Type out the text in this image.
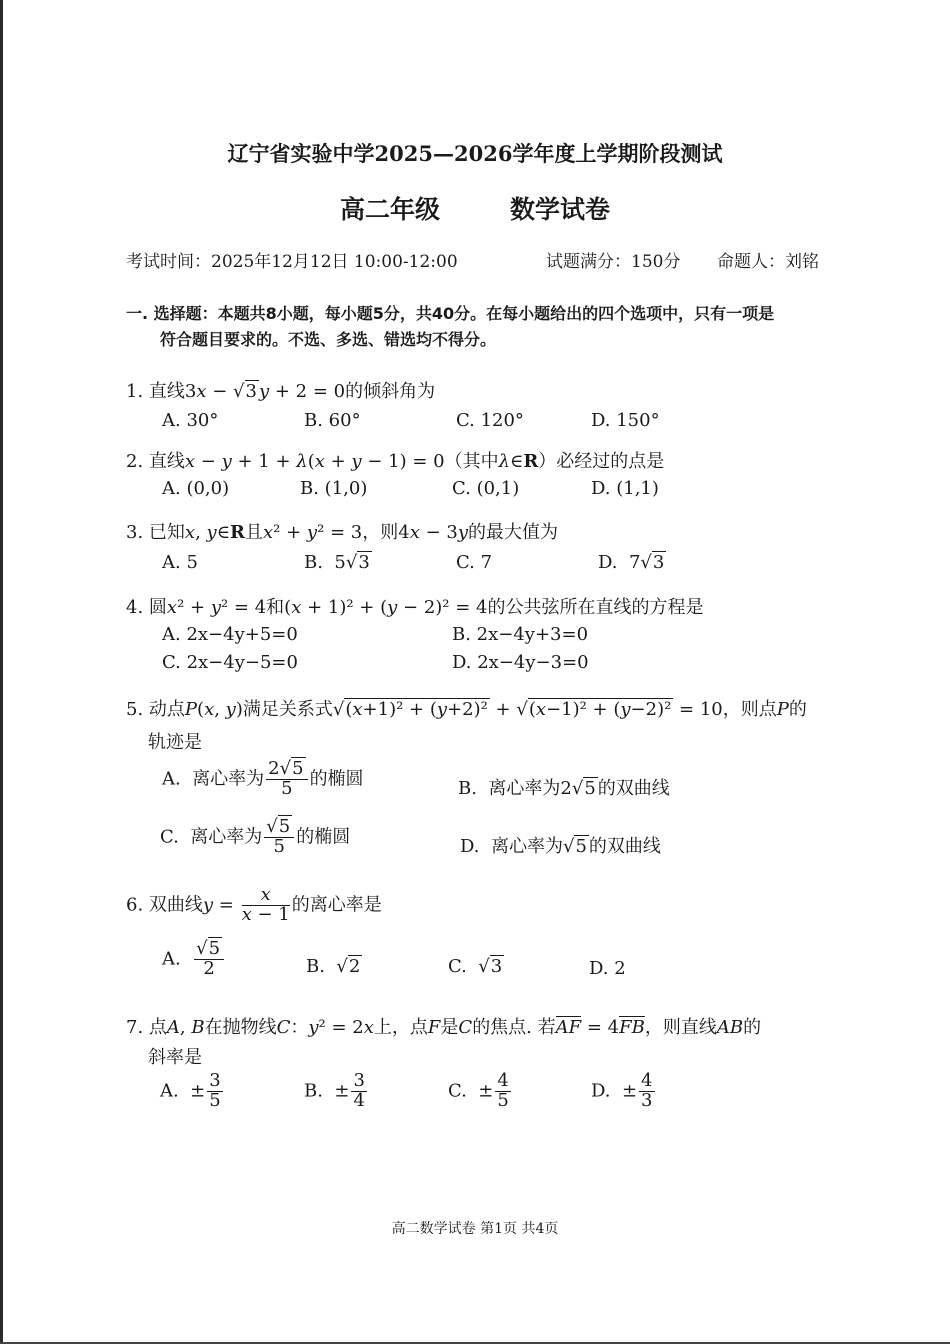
辽宁省实验中学2025—2026学年度上学期阶段测试
高二年级	数学试卷
考试时间：2025年12月12日 10:00-12:00	试题满分：150分 命题人：刘铭
一. 选择题：本题共8小题，每小题5分，共40分。在每小题给出的四个选项中，只有一项是
符合题目要求的。不选、多选、错选均不得分。
1. 直线3x − √3 y + 2 = 0的倾斜角为
A. 30°	B. 60°	C. 120°	D. 150°
2. 直线x − y + 1 + λ(x + y − 1) = 0（其中λ∈R）必经过的点是
A. (0,0)	B. (1,0)	C. (0,1)	D. (1,1)
3. 已知x, y∈R且x² + y² = 3，则4x − 3y的最大值为
A. 5	B.  5√3	C. 7	D.  7√3
4. 圆x² + y² = 4和(x + 1)² + (y − 2)² = 4的公共弦所在直线的方程是
A. 2x−4y+5=0	B. 2x−4y+3=0
C. 2x−4y−5=0	D. 2x−4y−3=0
5. 动点P(x, y)满足关系式√(x+1)² + (y+2)² + √(x−1)² + (y−2)² = 10，则点P的
轨迹是
A.  离心率为 $\frac{2√5}{5}$ 的椭圆	B.  离心率为2√5 的双曲线
C.  离心率为 $\frac{√5}{5}$ 的椭圆	D.  离心率为√5 的双曲线
6. 双曲线$y = \frac{x}{x - 1}$ 的离心率是
A. $\frac{√5}{2}$	B.  √2	C.  √3	D. 2
7. 点A, B在抛物线C：y² = 2x上，点F是C的焦点. 若AF = 4FB，则直线AB的
斜率是
A.  ± $\frac{3}{5}$	B.  ± $\frac{3}{4}$	C.  ± $\frac{4}{5}$	D.  ± $\frac{4}{3}$
高二数学试卷 第1页 共4页
